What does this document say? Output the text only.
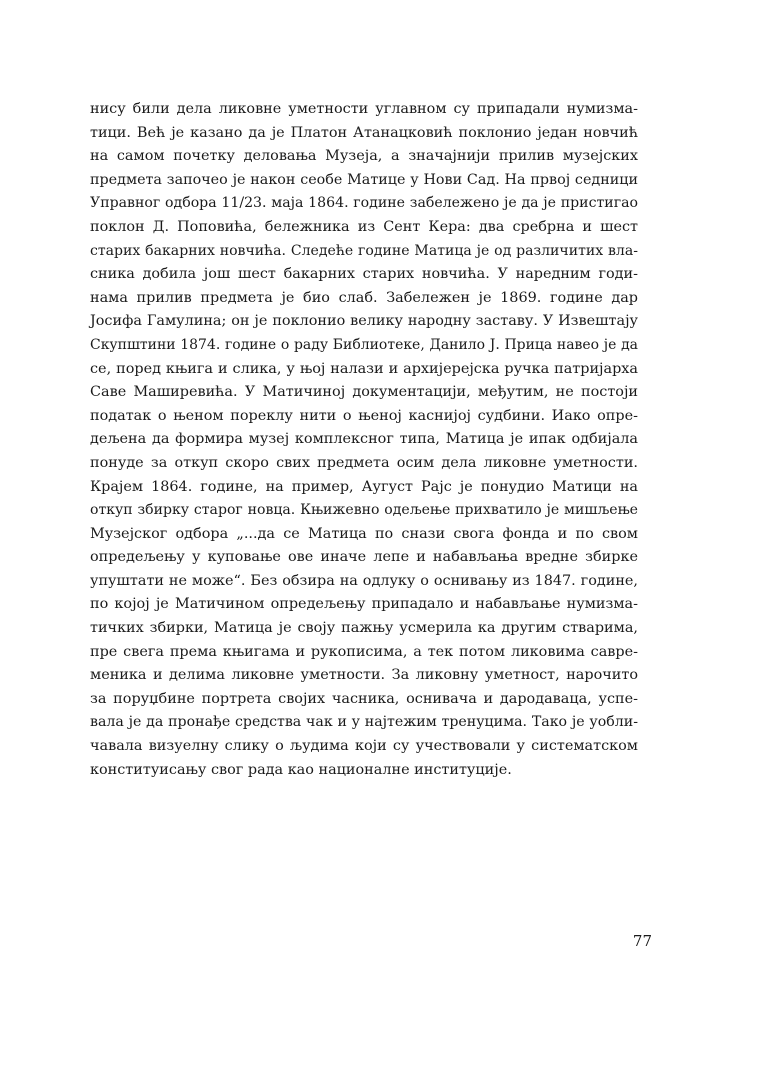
нису били дела ликовне уметности углавном су припадали нумизма-
тици. Већ је казано да је Платон Атанацковић поклонио један новчић
на самом почетку деловања Музеја, а значајнији прилив музејских
предмета започео је након сеобе Матице у Нови Сад. На првој седници
Управног одбора 11/23. маја 1864. године забележено је да је пристигао
поклон Д. Поповића, бележника из Сент Кера: два сребрна и шест
старих бакарних новчића. Следеће године Матица је од различитих вла-
сника добила још шест бакарних старих новчића. У наредним годи-
нама прилив предмета је био слаб. Забележен је 1869. године дар
Јосифа Гамулина; он је поклонио велику народну заставу. У Извештају
Скупштини 1874. године о раду Библиотеке, Данило Ј. Прица навео је да
се, поред књига и слика, у њој налази и архијерејска ручка патријарха
Саве Маширевића. У Матичиној документацији, међутим, не постоји
податак о њеном пореклу нити о њеној каснијој судбини. Иако опре-
дељена да формира музеј комплексног типа, Матица је ипак одбијала
понуде за откуп скоро свих предмета осим дела ликовне уметности.
Крајем 1864. године, на пример, Аугуст Рајс је понудио Матици на
откуп збирку старог новца. Књижевно одељење прихватило је мишљење
Музејског одбора „...да се Матица по снази свога фонда и по свом
опредељењу у куповање ове иначе лепе и набављања вредне збирке
упуштати не може“. Без обзира на одлуку о оснивању из 1847. године,
по којој је Матичином опредељењу припадало и набављање нумизма-
тичких збирки, Матица је своју пажњу усмерила ка другим стварима,
пре свега према књигама и рукописима, а тек потом ликовима савре-
меника и делима ликовне уметности. За ликовну уметност, нарочито
за поруџбине портрета својих часника, оснивача и дародаваца, успе-
вала је да пронађе средства чак и у најтежим тренуцима. Тако је уобли-
чавала визуелну слику о људима који су учествовали у систематском
конституисању свог рада као националне институције.
77
